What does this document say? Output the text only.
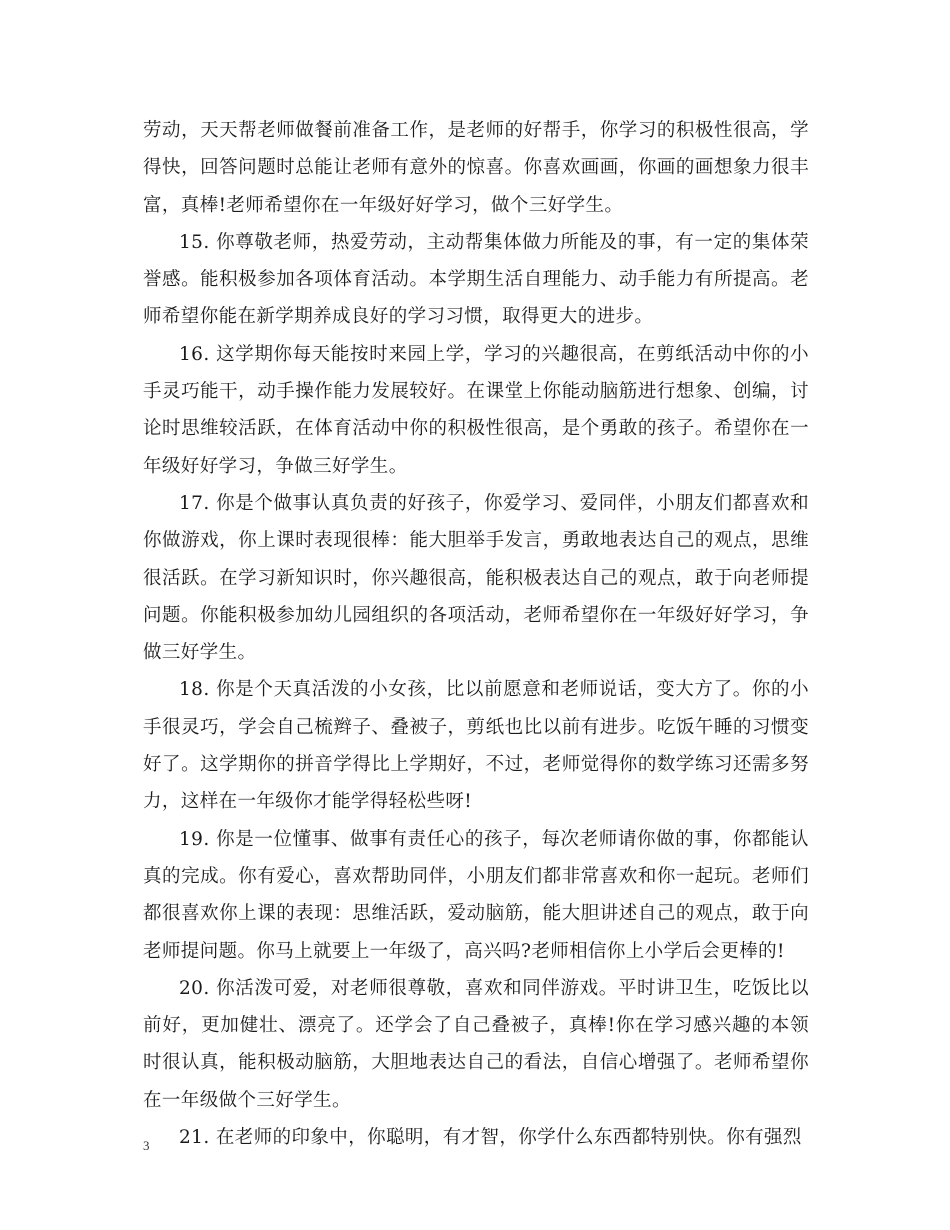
劳动，天天帮老师做餐前准备工作，是老师的好帮手，你学习的积极性很高，学得快，回答问题时总能让老师有意外的惊喜。你喜欢画画，你画的画想象力很丰富，真棒!老师希望你在一年级好好学习，做个三好学生。

15. 你尊敬老师，热爱劳动，主动帮集体做力所能及的事，有一定的集体荣誉感。能积极参加各项体育活动。本学期生活自理能力、动手能力有所提高。老师希望你能在新学期养成良好的学习习惯，取得更大的进步。

16. 这学期你每天能按时来园上学，学习的兴趣很高，在剪纸活动中你的小手灵巧能干，动手操作能力发展较好。在课堂上你能动脑筋进行想象、创编，讨论时思维较活跃，在体育活动中你的积极性很高，是个勇敢的孩子。希望你在一年级好好学习，争做三好学生。

17. 你是个做事认真负责的好孩子，你爱学习、爱同伴，小朋友们都喜欢和你做游戏，你上课时表现很棒：能大胆举手发言，勇敢地表达自己的观点，思维很活跃。在学习新知识时，你兴趣很高，能积极表达自己的观点，敢于向老师提问题。你能积极参加幼儿园组织的各项活动，老师希望你在一年级好好学习，争做三好学生。

18. 你是个天真活泼的小女孩，比以前愿意和老师说话，变大方了。你的小手很灵巧，学会自己梳辫子、叠被子，剪纸也比以前有进步。吃饭午睡的习惯变好了。这学期你的拼音学得比上学期好，不过，老师觉得你的数学练习还需多努力，这样在一年级你才能学得轻松些呀!

19. 你是一位懂事、做事有责任心的孩子，每次老师请你做的事，你都能认真的完成。你有爱心，喜欢帮助同伴，小朋友们都非常喜欢和你一起玩。老师们都很喜欢你上课的表现：思维活跃，爱动脑筋，能大胆讲述自己的观点，敢于向老师提问题。你马上就要上一年级了，高兴吗?老师相信你上小学后会更棒的!

20. 你活泼可爱，对老师很尊敬，喜欢和同伴游戏。平时讲卫生，吃饭比以前好，更加健壮、漂亮了。还学会了自己叠被子，真棒!你在学习感兴趣的本领时很认真，能积极动脑筋，大胆地表达自己的看法，自信心增强了。老师希望你在一年级做个三好学生。

21. 在老师的印象中，你聪明，有才智，你学什么东西都特别快。你有强烈

3
